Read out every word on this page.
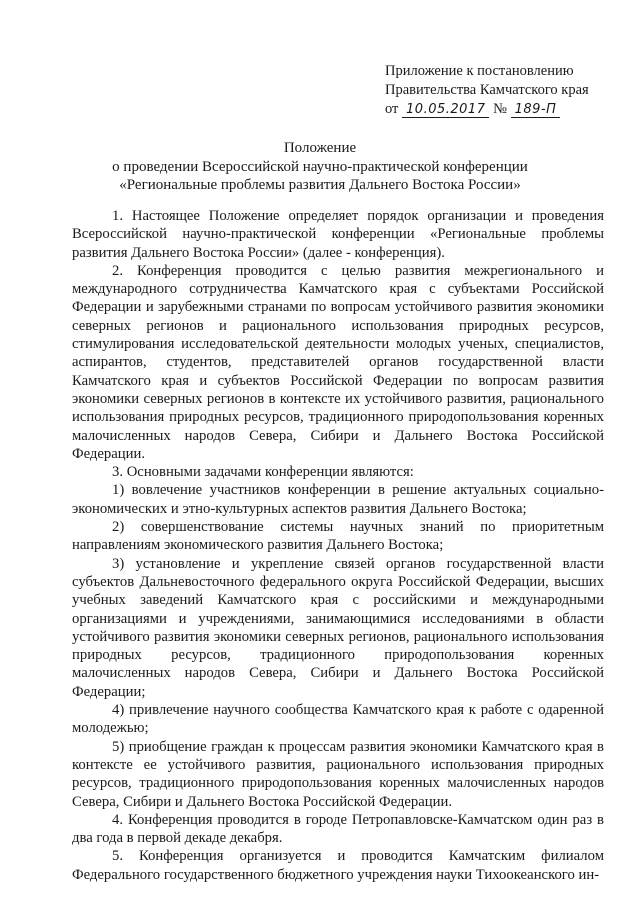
Приложение к постановлению
Правительства Камчатского края
от 10.05.2017 № 189-П
Положение
о проведении Всероссийской научно-практической конференции
«Региональные проблемы развития Дальнего Востока России»

1. Настоящее Положение определяет порядок организации и проведения Всероссийской научно-практической конференции «Региональные проблемы развития Дальнего Востока России» (далее - конференция).

2. Конференция проводится с целью развития межрегионального и международного сотрудничества Камчатского края с субъектами Российской Федерации и зарубежными странами по вопросам устойчивого развития экономики северных регионов и рационального использования природных ресурсов, стимулирования исследовательской деятельности молодых ученых, специалистов, аспирантов, студентов, представителей органов государственной власти Камчатского края и субъектов Российской Федерации по вопросам развития экономики северных регионов в контексте их устойчивого развития, рационального использования природных ресурсов, традиционного природопользования коренных малочисленных народов Севера, Сибири и Дальнего Востока Российской Федерации.

3. Основными задачами конференции являются:

1) вовлечение участников конференции в решение актуальных социально-экономических и этно-культурных аспектов развития Дальнего Востока;

2) совершенствование системы научных знаний по приоритетным направлениям экономического развития Дальнего Востока;

3) установление и укрепление связей органов государственной власти субъектов Дальневосточного федерального округа Российской Федерации, высших учебных заведений Камчатского края с российскими и международными организациями и учреждениями, занимающимися исследованиями в области устойчивого развития экономики северных регионов, рационального использования природных ресурсов, традиционного природопользования коренных малочисленных народов Севера, Сибири и Дальнего Востока Российской Федерации;

4) привлечение научного сообщества Камчатского края к работе с одаренной молодежью;

5) приобщение граждан к процессам развития экономики Камчатского края в контексте ее устойчивого развития, рационального использования природных ресурсов, традиционного природопользования коренных малочисленных народов Севера, Сибири и Дальнего Востока Российской Федерации.

4. Конференция проводится в городе Петропавловске-Камчатском один раз в два года в первой декаде декабря.

5. Конференция организуется и проводится Камчатским филиалом Федерального государственного бюджетного учреждения науки Тихоокеанского ин-
